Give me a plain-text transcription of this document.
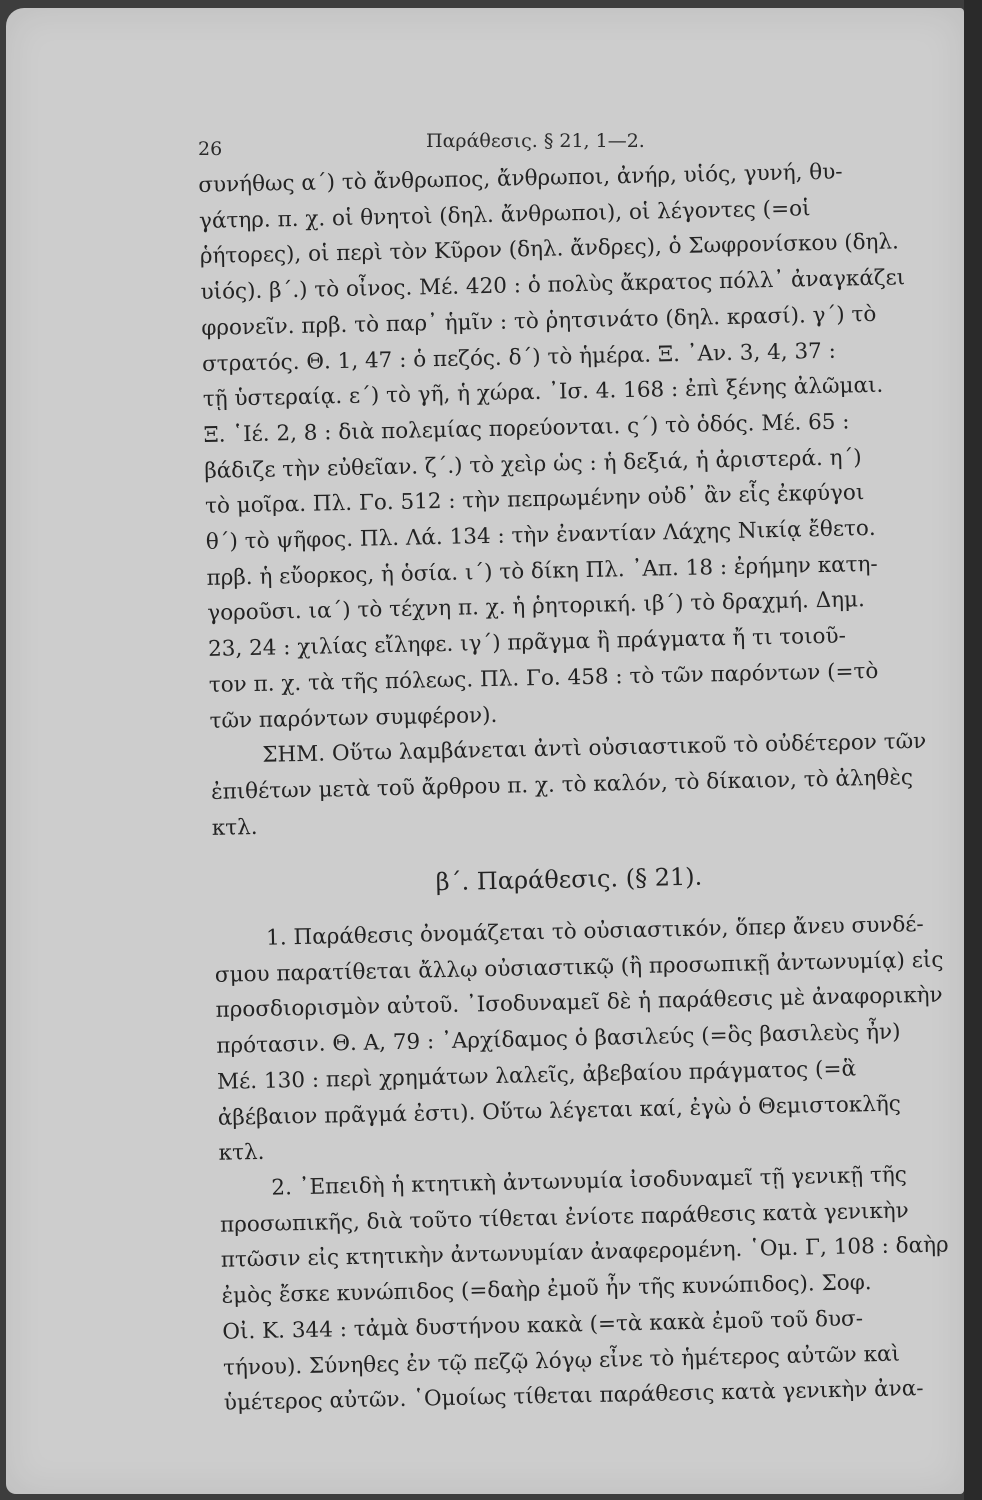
26	Παράθεσις. § 21, 1—2.

συνήθως α΄) τὸ ἄνθρωπος, ἄνθρωποι, ἀνήρ, υἱός, γυνή, θυ-
γάτηρ. π. χ. οἱ θνητοὶ (δηλ. ἄνθρωποι), οἱ λέγοντες (=οἱ
ῥήτορες), οἱ περὶ τὸν Κῦρον (δηλ. ἄνδρες), ὁ Σωφρονίσκου (δηλ.
υἱός). β΄.) τὸ οἶνος. Μέ. 420 : ὁ πολὺς ἄκρατος πόλλ᾿ ἀναγκάζει
φρονεῖν. πρβ. τὸ παρ᾿ ἡμῖν : τὸ ῥητσινάτο (δηλ. κρασί). γ΄) τὸ
στρατός. Θ. 1, 47 : ὁ πεζός. δ΄) τὸ ἡμέρα. Ξ. ᾿Αν. 3, 4, 37 :
τῇ ὑστεραίᾳ. ε΄) τὸ γῆ, ἡ χώρα. ᾿Ισ. 4. 168 : ἐπὶ ξένης ἀλῶμαι.
Ξ. ῾Ιέ. 2, 8 : διὰ πολεμίας πορεύονται. ς΄) τὸ ὁδός. Μέ. 65 :
βάδιζε τὴν εὐθεῖαν. ζ΄.) τὸ χεὶρ ὡς : ἡ δεξιά, ἡ ἀριστερά. η΄)
τὸ μοῖρα. Πλ. Γο. 512 : τὴν πεπρωμένην οὐδ᾿ ἂν εἷς ἐκφύγοι
θ΄) τὸ ψῆφος. Πλ. Λά. 134 : τὴν ἐναντίαν Λάχης Νικίᾳ ἔθετο.
πρβ. ἡ εὔορκος, ἡ ὁσία. ι΄) τὸ δίκη Πλ. ᾿Απ. 18 : ἐρήμην κατη-
γοροῦσι. ια΄) τὸ τέχνη π. χ. ἡ ῥητορική. ιβ΄) τὸ δραχμή. Δημ.
23, 24 : χιλίας εἴληφε. ιγ΄) πρᾶγμα ἢ πράγματα ἤ τι τοιοῦ-
τον π. χ. τὰ τῆς πόλεως. Πλ. Γο. 458 : τὸ τῶν παρόντων (=τὸ
τῶν παρόντων συμφέρον).

ΣΗΜ. Οὕτω λαμβάνεται ἀντὶ οὐσιαστικοῦ τὸ οὐδέτερον τῶν

ἐπιθέτων μετὰ τοῦ ἄρθρου π. χ. τὸ καλόν, τὸ δίκαιον, τὸ ἀληθὲς
κτλ.

β΄. Παράθεσις. (§ 21).

1. Παράθεσις ὀνομάζεται τὸ οὐσιαστικόν, ὅπερ ἄνευ συνδέ-

σμου παρατίθεται ἄλλῳ οὐσιαστικῷ (ἢ προσωπικῇ ἀντωνυμίᾳ) εἰς
προσδιορισμὸν αὐτοῦ. ᾿Ισοδυναμεῖ δὲ ἡ παράθεσις μὲ ἀναφορικὴν
πρότασιν. Θ. Α, 79 : ᾿Αρχίδαμος ὁ βασιλεύς (=ὃς βασιλεὺς ἦν)
Μέ. 130 : περὶ χρημάτων λαλεῖς, ἀβεβαίου πράγματος (=ἃ
ἀβέβαιον πρᾶγμά ἐστι). Οὕτω λέγεται καί, ἐγὼ ὁ Θεμιστοκλῆς
κτλ.

2. ᾿Επειδὴ ἡ κτητικὴ ἀντωνυμία ἰσοδυναμεῖ τῇ γενικῇ τῆς

προσωπικῆς, διὰ τοῦτο τίθεται ἐνίοτε παράθεσις κατὰ γενικὴν
πτῶσιν εἰς κτητικὴν ἀντωνυμίαν ἀναφερομένη. ῾Ομ. Γ, 108 : δαὴρ
ἐμὸς ἔσκε κυνώπιδος (=δαὴρ ἐμοῦ ἦν τῆς κυνώπιδος). Σοφ.
Οἰ. Κ. 344 : τἀμὰ δυστήνου κακὰ (=τὰ κακὰ ἐμοῦ τοῦ δυσ-
τήνου). Σύνηθες ἐν τῷ πεζῷ λόγῳ εἶνε τὸ ἡμέτερος αὐτῶν καὶ
ὑμέτερος αὐτῶν. ῾Ομοίως τίθεται παράθεσις κατὰ γενικὴν ἀνα-
